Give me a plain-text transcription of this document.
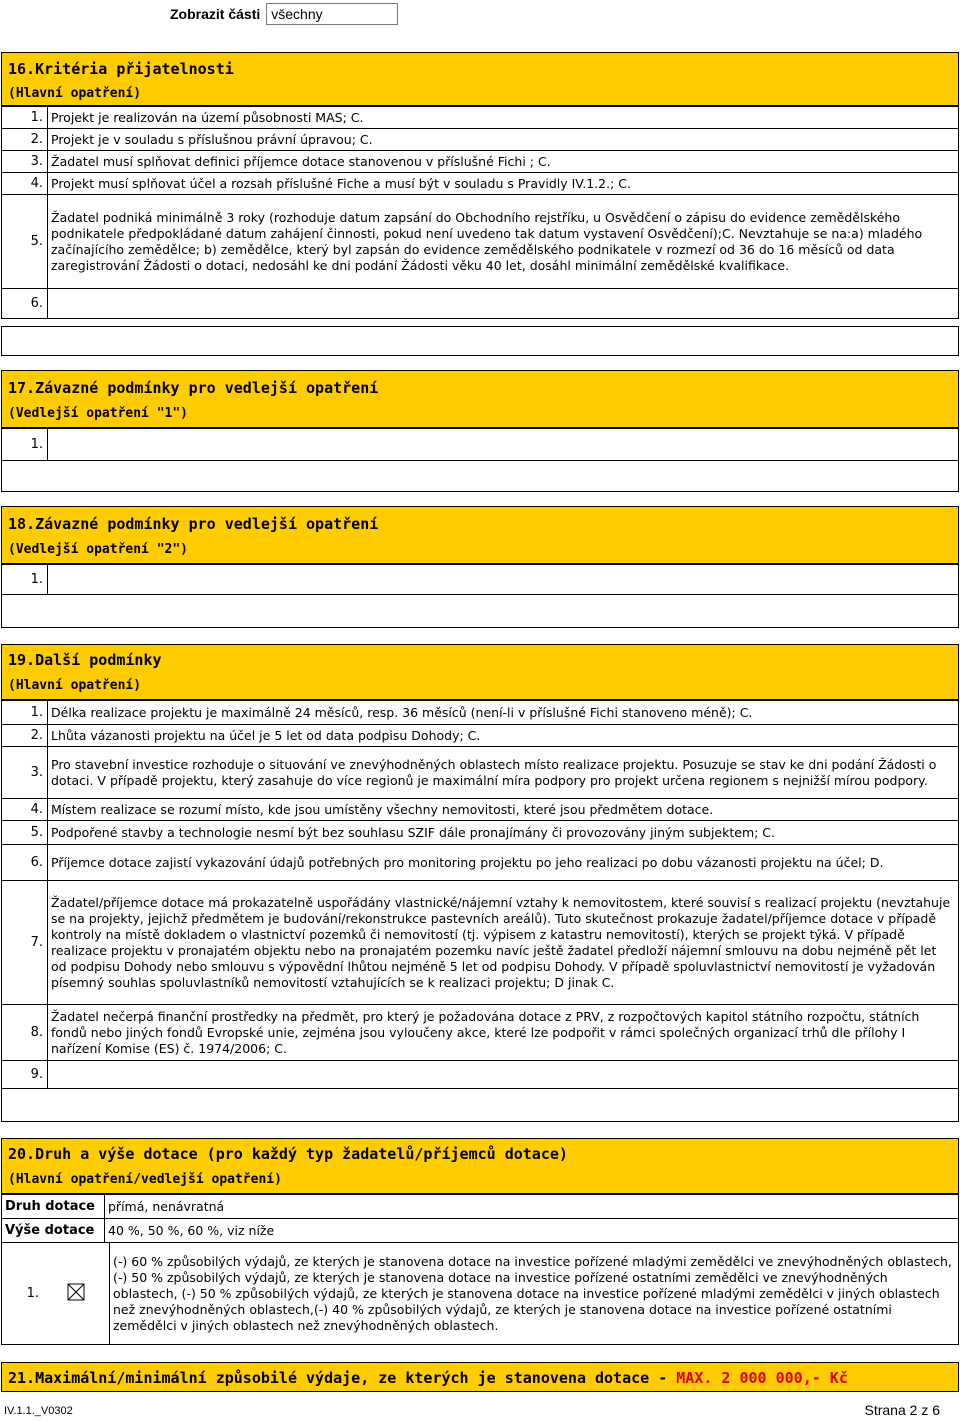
Zobrazit části všechny
16.Kritéria přijatelnosti
(Hlavní opatření)
1.	Projekt je realizován na území působnosti MAS; C.
2.	Projekt je v souladu s příslušnou právní úpravou; C.
3.	Žadatel musí splňovat definici příjemce dotace stanovenou v příslušné Fichi ; C.
4.	Projekt musí splňovat účel a rozsah příslušné Fiche a musí být v souladu s Pravidly IV.1.2.; C.
5.	Žadatel podniká minimálně 3 roky (rozhoduje datum zapsání do Obchodního rejstříku, u Osvědčení o zápisu do evidence zemědělského podnikatele předpokládané datum zahájení činnosti, pokud není uvedeno tak datum vystavení Osvědčení);C. Nevztahuje se na:a) mladého začínajícího zemědělce; b) zemědělce, který byl zapsán do evidence zemědělského podnikatele v rozmezí od 36 do 16 měsíců od data zaregistrování Žádosti o dotaci, nedosáhl ke dni podání Žádosti věku 40 let, dosáhl minimální zemědělské kvalifikace.
6.	
17.Závazné podmínky pro vedlejší opatření
(Vedlejší opatření "1")
1.	
18.Závazné podmínky pro vedlejší opatření
(Vedlejší opatření "2")
1.	
19.Další podmínky
(Hlavní opatření)
1.	Délka realizace projektu je maximálně 24 měsíců, resp. 36 měsíců (není-li v příslušné Fichi stanoveno méně); C.
2.	Lhůta vázanosti projektu na účel je 5 let od data podpisu Dohody; C.
3.	Pro stavební investice rozhoduje o situování ve znevýhodněných oblastech místo realizace projektu. Posuzuje se stav ke dni podání Žádosti o dotaci. V případě projektu, který zasahuje do více regionů je maximální míra podpory pro projekt určena regionem s nejnižší mírou podpory.
4.	Místem realizace se rozumí místo, kde jsou umístěny všechny nemovitosti, které jsou předmětem dotace.
5.	Podpořené stavby a technologie nesmí být bez souhlasu SZIF dále pronajímány či provozovány jiným subjektem; C.
6.	Příjemce dotace zajistí vykazování údajů potřebných pro monitoring projektu po jeho realizaci po dobu vázanosti projektu na účel; D.
7.	Žadatel/příjemce dotace má prokazatelně uspořádány vlastnické/nájemní vztahy k nemovitostem, které souvisí s realizací projektu (nevztahuje se na projekty, jejichž předmětem je budování/rekonstrukce pastevních areálů). Tuto skutečnost prokazuje žadatel/příjemce dotace v případě kontroly na místě dokladem o vlastnictví pozemků či nemovitostí (tj. výpisem z katastru nemovitostí), kterých se projekt týká. V případě realizace projektu v pronajatém objektu nebo na pronajatém pozemku navíc ještě žadatel předloží nájemní smlouvu na dobu nejméně pět let od podpisu Dohody nebo smlouvu s výpovědní lhůtou nejméně 5 let od podpisu Dohody. V případě spoluvlastnictví nemovitostí je vyžadován písemný souhlas spoluvlastníků nemovitostí vztahujících se k realizaci projektu; D jinak C.
8.	Žadatel nečerpá finanční prostředky na předmět, pro který je požadována dotace z PRV, z rozpočtových kapitol státního rozpočtu, státních fondů nebo jiných fondů Evropské unie, zejména jsou vyloučeny akce, které lze podpořit v rámci společných organizací trhů dle přílohy I nařízení Komise (ES) č. 1974/2006; C.
9.	
20.Druh a výše dotace (pro každý typ žadatelů/příjemců dotace)
(Hlavní opatření/vedlejší opatření)
Druh dotace	přímá, nenávratná
Výše dotace	40 %, 50 %, 60 %, viz níže
1.		(-) 60 % způsobilých výdajů, ze kterých je stanovena dotace na investice pořízené mladými zemědělci ve znevýhodněných oblastech, (-) 50 % způsobilých výdajů, ze kterých je stanovena dotace na investice pořízené ostatními zemědělci ve znevýhodněných oblastech, (-) 50 % způsobilých výdajů, ze kterých je stanovena dotace na investice pořízené mladými zemědělci v jiných oblastech než znevýhodněných oblastech,(-) 40 % způsobilých výdajů, ze kterých je stanovena dotace na investice pořízené ostatními zemědělci v jiných oblastech než znevýhodněných oblastech.
21.Maximální/minimální způsobilé výdaje, ze kterých je stanovena dotace - MAX. 2 000 000,- Kč
IV.1.1._V0302	Strana 2 z 6
